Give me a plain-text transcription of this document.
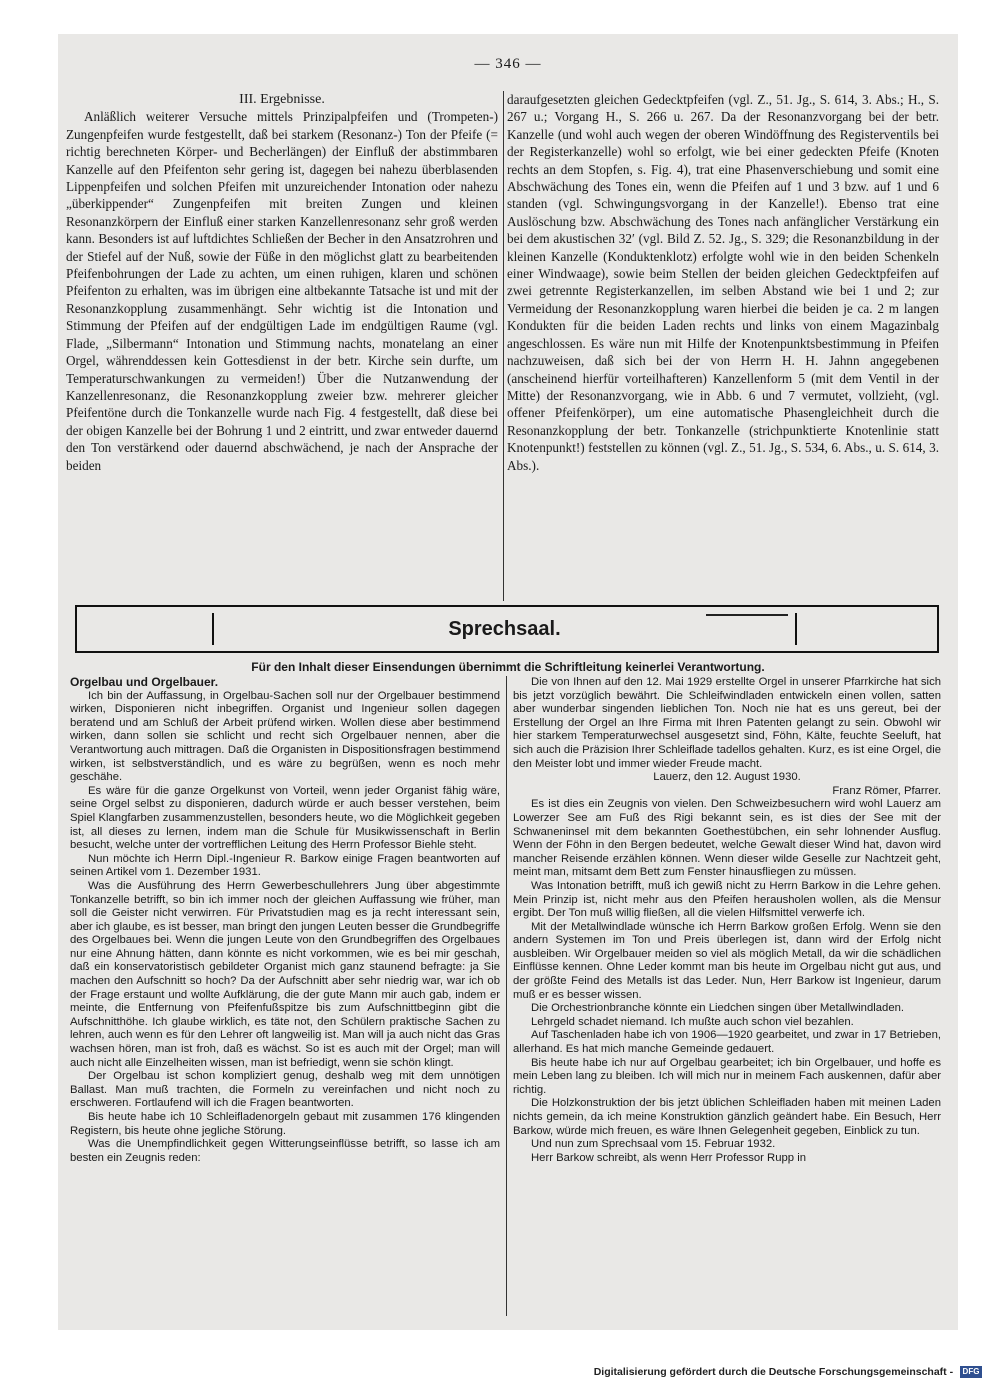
— 346 —

III. Ergebnisse.

Anläßlich weiterer Versuche mittels Prinzipalpfeifen und (Trompeten-) Zungenpfeifen wurde festgestellt, daß bei starkem (Resonanz-) Ton der Pfeife (= richtig berechneten Körper- und Becherlängen) der Einfluß der abstimmbaren Kanzelle auf den Pfeifenton sehr gering ist, dagegen bei nahezu überblasenden Lippenpfeifen und solchen Pfeifen mit unzureichender Intonation oder nahezu „überkippender“ Zungenpfeifen mit breiten Zungen und kleinen Resonanzkörpern der Einfluß einer starken Kanzellenresonanz sehr groß werden kann. Besonders ist auf luftdichtes Schließen der Becher in den Ansatzrohren und der Stiefel auf der Nuß, sowie der Füße in den möglichst glatt zu bearbeitenden Pfeifenbohrungen der Lade zu achten, um einen ruhigen, klaren und schönen Pfeifenton zu erhalten, was im übrigen eine altbekannte Tatsache ist und mit der Resonanzkopplung zusammenhängt. Sehr wichtig ist die Intonation und Stimmung der Pfeifen auf der endgültigen Lade im endgültigen Raume (vgl. Flade, „Silbermann“ Intonation und Stimmung nachts, monatelang an einer Orgel, währenddessen kein Gottesdienst in der betr. Kirche sein durfte, um Temperaturschwankungen zu vermeiden!) Über die Nutzanwendung der Kanzellenresonanz, die Resonanzkopplung zweier bzw. mehrerer gleicher Pfeifentöne durch die Tonkanzelle wurde nach Fig. 4 festgestellt, daß diese bei der obigen Kanzelle bei der Bohrung 1 und 2 eintritt, und zwar entweder dauernd den Ton verstärkend oder dauernd abschwächend, je nach der Ansprache der beiden

daraufgesetzten gleichen Gedecktpfeifen (vgl. Z., 51. Jg., S. 614, 3. Abs.; H., S. 267 u.; Vorgang H., S. 266 u. 267. Da der Resonanzvorgang bei der betr. Kanzelle (und wohl auch wegen der oberen Windöffnung des Registerventils bei der Registerkanzelle) wohl so erfolgt, wie bei einer gedeckten Pfeife (Knoten rechts an dem Stopfen, s. Fig. 4), trat eine Phasenverschiebung und somit eine Abschwächung des Tones ein, wenn die Pfeifen auf 1 und 3 bzw. auf 1 und 6 standen (vgl. Schwingungsvorgang in der Kanzelle!). Ebenso trat eine Auslöschung bzw. Abschwächung des Tones nach anfänglicher Verstärkung ein bei dem akustischen 32′ (vgl. Bild Z. 52. Jg., S. 329; die Resonanzbildung in der kleinen Kanzelle (Konduktenklotz) erfolgte wohl wie in den beiden Schenkeln einer Windwaage), sowie beim Stellen der beiden gleichen Gedecktpfeifen auf zwei getrennte Registerkanzellen, im selben Abstand wie bei 1 und 2; zur Vermeidung der Resonanzkopplung waren hierbei die beiden je ca. 2 m langen Kondukten für die beiden Laden rechts und links von einem Magazinbalg angeschlossen. Es wäre nun mit Hilfe der Knotenpunktsbestimmung in Pfeifen nachzuweisen, daß sich bei der von Herrn H. H. Jahnn angegebenen (anscheinend hierfür vorteilhafteren) Kanzellenform 5 (mit dem Ventil in der Mitte) der Resonanzvorgang, wie in Abb. 6 und 7 vermutet, vollzieht, (vgl. offener Pfeifenkörper), um eine automatische Phasengleichheit durch die Resonanzkopplung der betr. Tonkanzelle (strichpunktierte Knotenlinie statt Knotenpunkt!) feststellen zu können (vgl. Z., 51. Jg., S. 534, 6. Abs., u. S. 614, 3. Abs.).

Sprechsaal.
Für den Inhalt dieser Einsendungen übernimmt die Schriftleitung keinerlei Verantwortung.

Orgelbau und Orgelbauer.

Ich bin der Auffassung, in Orgelbau-Sachen soll nur der Orgelbauer bestimmend wirken, Disponieren nicht inbegriffen. Organist und Ingenieur sollen dagegen beratend und am Schluß der Arbeit prüfend wirken. Wollen diese aber bestimmend wirken, dann sollen sie schlicht und recht sich Orgelbauer nennen, aber die Verantwortung auch mittragen. Daß die Organisten in Dispositionsfragen bestimmend wirken, ist selbstverständlich, und es wäre zu begrüßen, wenn es noch mehr geschähe.

Es wäre für die ganze Orgelkunst von Vorteil, wenn jeder Organist fähig wäre, seine Orgel selbst zu disponieren, dadurch würde er auch besser verstehen, beim Spiel Klangfarben zusammenzustellen, besonders heute, wo die Möglichkeit gegeben ist, all dieses zu lernen, indem man die Schule für Musikwissenschaft in Berlin besucht, welche unter der vortrefflichen Leitung des Herrn Professor Biehle steht.

Nun möchte ich Herrn Dipl.-Ingenieur R. Barkow einige Fragen beantworten auf seinen Artikel vom 1. Dezember 1931.

Was die Ausführung des Herrn Gewerbeschullehrers Jung über abgestimmte Tonkanzelle betrifft, so bin ich immer noch der gleichen Auffassung wie früher, man soll die Geister nicht verwirren. Für Privatstudien mag es ja recht interessant sein, aber ich glaube, es ist besser, man bringt den jungen Leuten besser die Grundbegriffe des Orgelbaues bei. Wenn die jungen Leute von den Grundbegriffen des Orgelbaues nur eine Ahnung hätten, dann könnte es nicht vorkommen, wie es bei mir geschah, daß ein konservatoristisch gebildeter Organist mich ganz staunend befragte: ja Sie machen den Aufschnitt so hoch? Da der Aufschnitt aber sehr niedrig war, war ich ob der Frage erstaunt und wollte Aufklärung, die der gute Mann mir auch gab, indem er meinte, die Entfernung von Pfeifenfußspitze bis zum Aufschnittbeginn gibt die Aufschnitthöhe. Ich glaube wirklich, es täte not, den Schülern praktische Sachen zu lehren, auch wenn es für den Lehrer oft langweilig ist. Man will ja auch nicht das Gras wachsen hören, man ist froh, daß es wächst. So ist es auch mit der Orgel; man will auch nicht alle Einzelheiten wissen, man ist befriedigt, wenn sie schön klingt.

Der Orgelbau ist schon kompliziert genug, deshalb weg mit dem unnötigen Ballast. Man muß trachten, die Formeln zu vereinfachen und nicht noch zu erschweren. Fortlaufend will ich die Fragen beantworten.

Bis heute habe ich 10 Schleifladenorgeln gebaut mit zusammen 176 klingenden Registern, bis heute ohne jegliche Störung.

Was die Unempfindlichkeit gegen Witterungseinflüsse betrifft, so lasse ich am besten ein Zeugnis reden:

Die von Ihnen auf den 12. Mai 1929 erstellte Orgel in unserer Pfarrkirche hat sich bis jetzt vorzüglich bewährt. Die Schleifwindladen entwickeln einen vollen, satten aber wunderbar singenden lieblichen Ton. Noch nie hat es uns gereut, bei der Erstellung der Orgel an Ihre Firma mit Ihren Patenten gelangt zu sein. Obwohl wir hier starkem Temperaturwechsel ausgesetzt sind, Föhn, Kälte, feuchte Seeluft, hat sich auch die Präzision Ihrer Schleiflade tadellos gehalten. Kurz, es ist eine Orgel, die den Meister lobt und immer wieder Freude macht.

Lauerz, den 12. August 1930.

Franz Römer, Pfarrer.

Es ist dies ein Zeugnis von vielen. Den Schweizbesuchern wird wohl Lauerz am Lowerzer See am Fuß des Rigi bekannt sein, es ist dies der See mit der Schwaneninsel mit dem bekannten Goethestübchen, ein sehr lohnender Ausflug. Wenn der Föhn in den Bergen bedeutet, welche Gewalt dieser Wind hat, davon wird mancher Reisende erzählen können. Wenn dieser wilde Geselle zur Nachtzeit geht, meint man, mitsamt dem Bett zum Fenster hinausfliegen zu müssen.

Was Intonation betrifft, muß ich gewiß nicht zu Herrn Barkow in die Lehre gehen. Mein Prinzip ist, nicht mehr aus den Pfeifen herausholen wollen, als die Mensur ergibt. Der Ton muß willig fließen, all die vielen Hilfsmittel verwerfe ich.

Mit der Metallwindlade wünsche ich Herrn Barkow großen Erfolg. Wenn sie den andern Systemen im Ton und Preis überlegen ist, dann wird der Erfolg nicht ausbleiben. Wir Orgelbauer meiden so viel als möglich Metall, da wir die schädlichen Einflüsse kennen. Ohne Leder kommt man bis heute im Orgelbau nicht gut aus, und der größte Feind des Metalls ist das Leder. Nun, Herr Barkow ist Ingenieur, darum muß er es besser wissen.

Die Orchestrionbranche könnte ein Liedchen singen über Metallwindladen.

Lehrgeld schadet niemand. Ich mußte auch schon viel bezahlen.

Auf Taschenladen habe ich von 1906—1920 gearbeitet, und zwar in 17 Betrieben, allerhand. Es hat mich manche Gemeinde gedauert.

Bis heute habe ich nur auf Orgelbau gearbeitet; ich bin Orgelbauer, und hoffe es mein Leben lang zu bleiben. Ich will mich nur in meinem Fach auskennen, dafür aber richtig.

Die Holzkonstruktion der bis jetzt üblichen Schleifladen haben mit meinen Laden nichts gemein, da ich meine Konstruktion gänzlich geändert habe. Ein Besuch, Herr Barkow, würde mich freuen, es wäre Ihnen Gelegenheit gegeben, Einblick zu tun.

Und nun zum Sprechsaal vom 15. Februar 1932.

Herr Barkow schreibt, als wenn Herr Professor Rupp in

Digitalisierung gefördert durch die Deutsche Forschungsgemeinschaft - DFG
